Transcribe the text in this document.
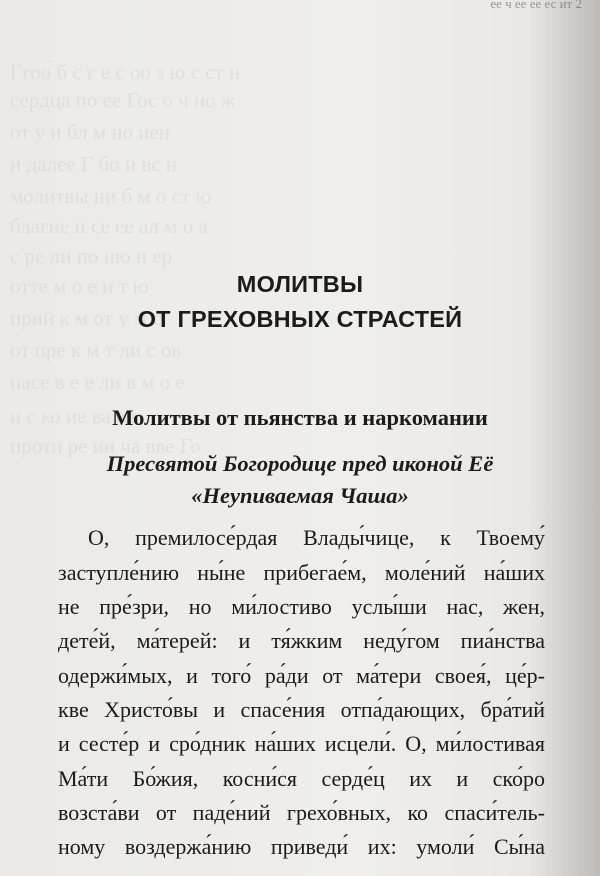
Ггоо́ б с г е с оо з ю с ст н
сердца по ее Гос о ч но ж
от у и бл м но иен
и далее Г бо и вс н
молитвы ни б м о ст ю
благие и се ее ал м о а
с ре ли по ию н ер
отте м о е и т ю
прий к м от у м с
от пре к м т ли с ов
насе в е е ли в м о е
и с ко ие ва ел
проти ре ин ча вве Го
ее ч ее ее ес ит 2
МОЛИТВЫ
ОТ ГРЕХОВНЫХ СТРАСТЕЙ
Молитвы от пьянства и наркомании
Пресвятой Богородице пред иконой Её
«Неупиваемая Чаша»
О, премилосе́рдая Влады́чице, к Твоему́
заступле́нию ны́не прибегае́м, моле́ний на́ших
не пре́зри, но ми́лостиво услы́ши нас, жен,
дете́й, ма́терей: и тя́жким неду́гом пиа́нства
одержи́мых, и того́ ра́ди от ма́тери своея́, це́р-
кве Христо́вы и спасе́ния отпа́дающих, бра́тий
и сесте́р и сро́дник на́ших исцели́. О, ми́лостивая
Ма́ти Бо́жия, косни́ся серде́ц их и ско́ро
возста́ви от паде́ний грехо́вных, ко спаси́тель-
ному воздержа́нию приведи́ их: умоли́ Сы́на
